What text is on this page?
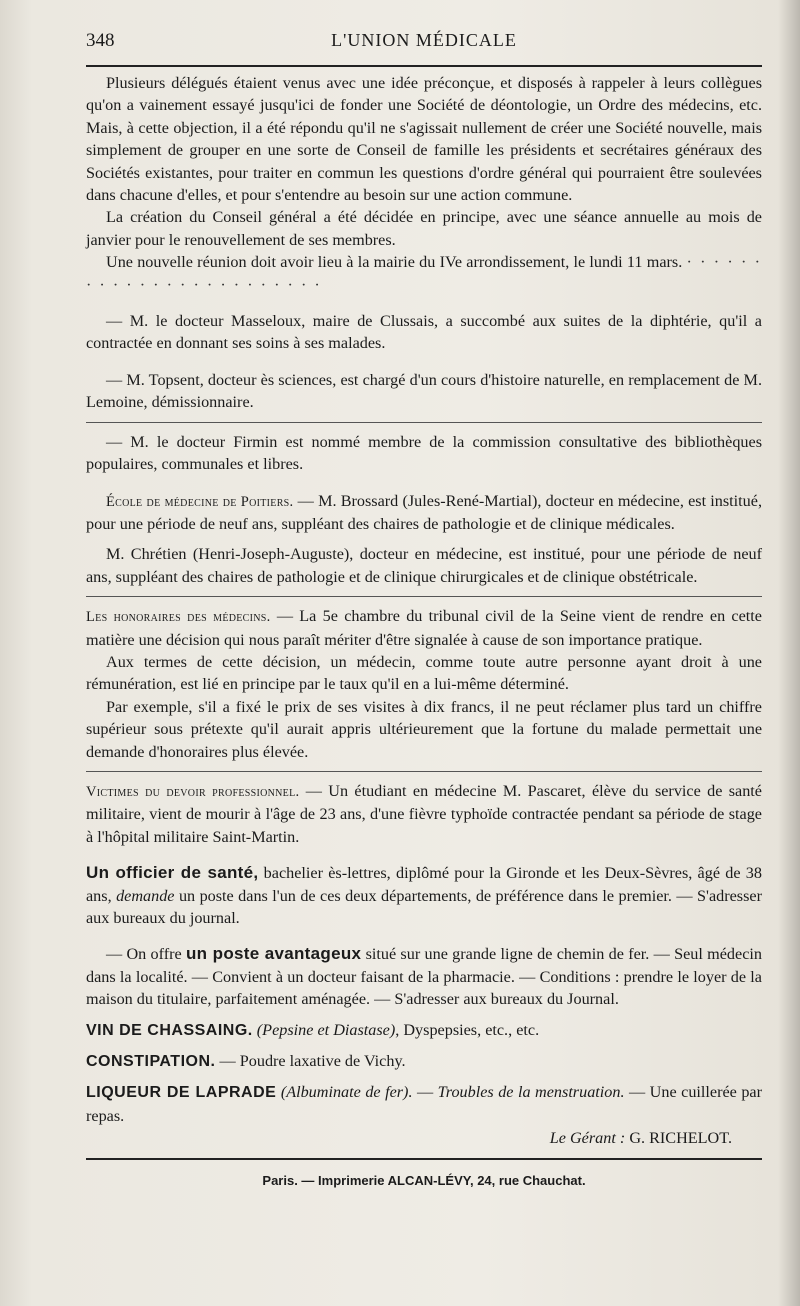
348	L'UNION MÉDICALE

Plusieurs délégués étaient venus avec une idée préconçue, et disposés à rappeler à leurs collègues qu'on a vainement essayé jusqu'ici de fonder une Société de déontologie, un Ordre des médecins, etc. Mais, à cette objection, il a été répondu qu'il ne s'agissait nullement de créer une Société nouvelle, mais simplement de grouper en une sorte de Conseil de famille les présidents et secrétaires généraux des Sociétés existantes, pour traiter en commun les questions d'ordre général qui pourraient être soulevées dans chacune d'elles, et pour s'entendre au besoin sur une action commune.

La création du Conseil général a été décidée en principe, avec une séance annuelle au mois de janvier pour le renouvellement de ses membres.

Une nouvelle réunion doit avoir lieu à la mairie du IVe arrondissement, le lundi 11 mars. · · · · · · · · · · · · · · · · · · · · · · · ·

— M. le docteur Masseloux, maire de Clussais, a succombé aux suites de la diphtérie, qu'il a contractée en donnant ses soins à ses malades.

— M. Topsent, docteur ès sciences, est chargé d'un cours d'histoire naturelle, en remplacement de M. Lemoine, démissionnaire.

— M. le docteur Firmin est nommé membre de la commission consultative des bibliothèques populaires, communales et libres.

École de médecine de Poitiers. — M. Brossard (Jules-René-Martial), docteur en médecine, est institué, pour une période de neuf ans, suppléant des chaires de pathologie et de clinique médicales.

M. Chrétien (Henri-Joseph-Auguste), docteur en médecine, est institué, pour une période de neuf ans, suppléant des chaires de pathologie et de clinique chirurgicales et de clinique obstétricale.

Les honoraires des médecins. — La 5e chambre du tribunal civil de la Seine vient de rendre en cette matière une décision qui nous paraît mériter d'être signalée à cause de son importance pratique.

Aux termes de cette décision, un médecin, comme toute autre personne ayant droit à une rémunération, est lié en principe par le taux qu'il en a lui-même déterminé.

Par exemple, s'il a fixé le prix de ses visites à dix francs, il ne peut réclamer plus tard un chiffre supérieur sous prétexte qu'il aurait appris ultérieurement que la fortune du malade permettait une demande d'honoraires plus élevée.

Victimes du devoir professionnel. — Un étudiant en médecine M. Pascaret, élève du service de santé militaire, vient de mourir à l'âge de 23 ans, d'une fièvre typhoïde contractée pendant sa période de stage à l'hôpital militaire Saint-Martin.

Un officier de santé, bachelier ès-lettres, diplômé pour la Gironde et les Deux-Sèvres, âgé de 38 ans, demande un poste dans l'un de ces deux départements, de préférence dans le premier. — S'adresser aux bureaux du journal.

— On offre un poste avantageux situé sur une grande ligne de chemin de fer. — Seul médecin dans la localité. — Convient à un docteur faisant de la pharmacie. — Conditions : prendre le loyer de la maison du titulaire, parfaitement aménagée. — S'adresser aux bureaux du Journal.

VIN DE CHASSAING. (Pepsine et Diastase), Dyspepsies, etc., etc.

CONSTIPATION. — Poudre laxative de Vichy.

LIQUEUR DE LAPRADE (Albuminate de fer). — Troubles de la menstruation. — Une cuillerée par repas.

Le Gérant : G. RICHELOT.

Paris. — Imprimerie ALCAN-LÉVY, 24, rue Chauchat.
